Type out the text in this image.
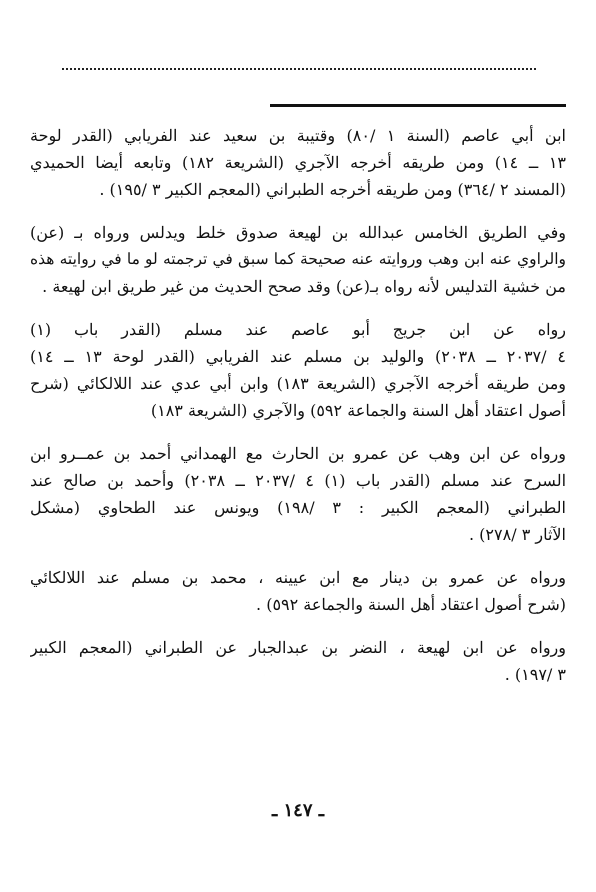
ابن أبي عاصم (السنة ١ /٨٠) وقتيبة بن سعيد عند الفريابي (القدر لوحة
١٣ ــ ١٤) ومن طريقه أخرجه الآجري (الشريعة ١٨٢) وتابعه أيضا الحميدي
(المسند ٢ /٣٦٤) ومن طريقه أخرجه الطبراني (المعجم الكبير ٣ /١٩٥) .
وفي الطريق الخامس عبدالله بن لهيعة صدوق خلط ويدلس ورواه بـ (عن)
والراوي عنه ابن وهب وروايته عنه صحيحة كما سبق في ترجمته لو ما في روايته هذه
من خشية التدليس لأنه رواه بـ(عن) وقد صحح الحديث من غير طريق ابن لهيعة .
رواه عن ابن جريج أبو عاصم عند مسلم (القدر باب (١)
٤ /٢٠٣٧ ــ ٢٠٣٨) والوليد بن مسلم عند الفريابي (القدر لوحة ١٣ ــ ١٤)
ومن طريقه أخرجه الآجري (الشريعة ١٨٣) وابن أبي عدي عند اللالكائي (شرح
أصول اعتقاد أهل السنة والجماعة ٥٩٢) والآجري (الشريعة ١٨٣)
ورواه عن ابن وهب عن عمرو بن الحارث مع الهمداني أحمد بن عمــرو ابن
السرح عند مسلم (القدر باب (١) ٤ /٢٠٣٧ ــ ٢٠٣٨) وأحمد بن صالح عند
الطبراني (المعجم الكبير : ٣ /١٩٨) ويونس عند الطحاوي (مشكل
الآثار ٣ /٢٧٨) .
ورواه عن عمرو بن دينار مع ابن عيينه ، محمد بن مسلم عند اللالكائي
(شرح أصول اعتقاد أهل السنة والجماعة ٥٩٢) .
ورواه عن ابن لهيعة ، النضر بن عبدالجبار عن الطبراني (المعجم الكبير
٣ /١٩٧) .
ـ ١٤٧ ـ
